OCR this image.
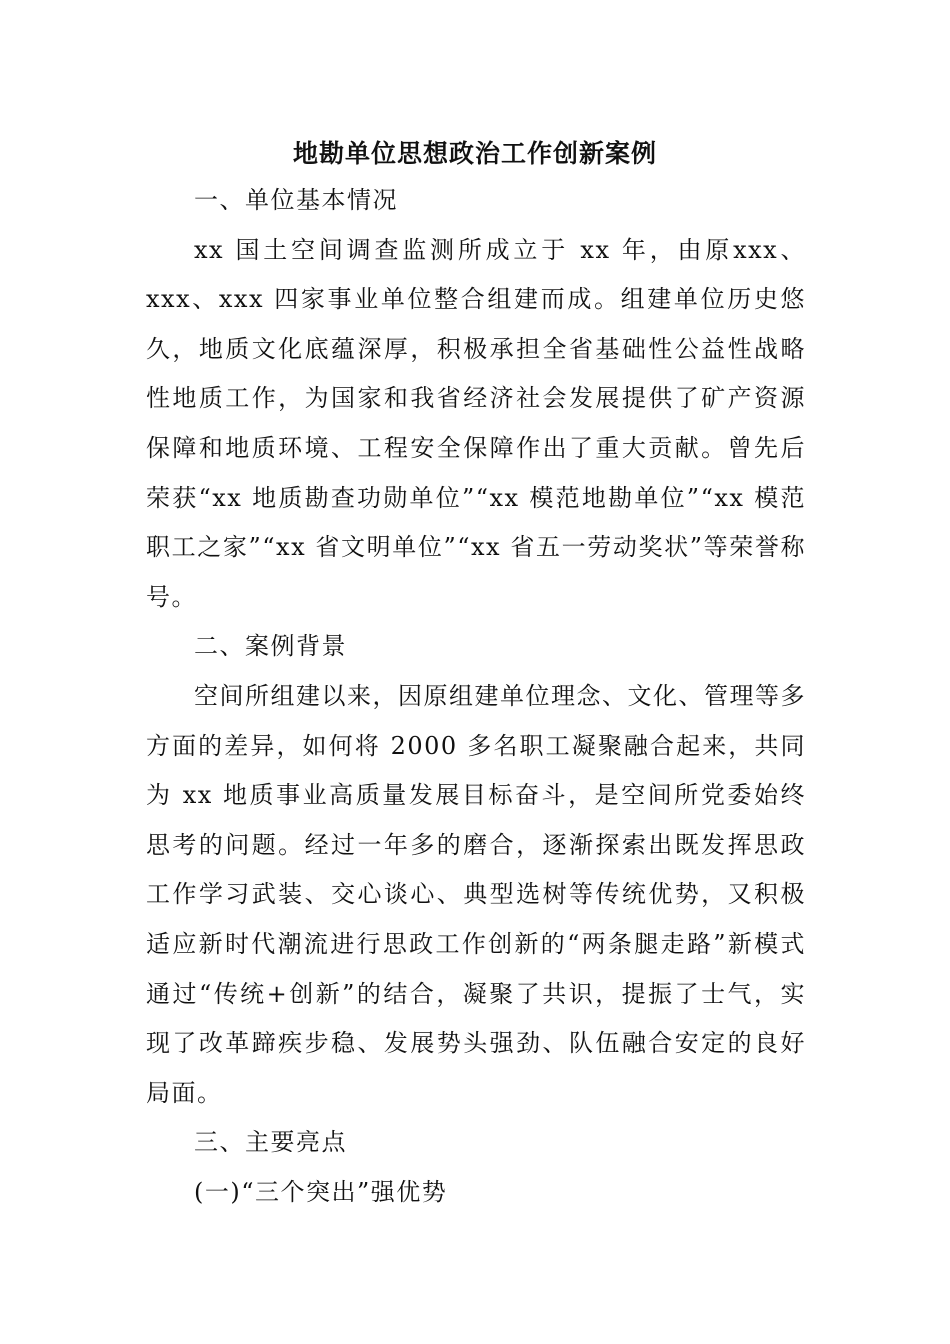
地勘单位思想政治工作创新案例

一、单位基本情况

xx 国土空间调查监测所成立于 xx 年，由原xxx、xxx、xxx 四家事业单位整合组建而成。组建单位历史悠久，地质文化底蕴深厚，积极承担全省基础性公益性战略性地质工作，为国家和我省经济社会发展提供了矿产资源保障和地质环境、工程安全保障作出了重大贡献。曾先后荣获“xx 地质勘查功勋单位”“xx 模范地勘单位”“xx 模范职工之家”“xx 省文明单位”“xx 省五一劳动奖状”等荣誉称号。

二、案例背景

空间所组建以来，因原组建单位理念、文化、管理等多方面的差异，如何将 2000 多名职工凝聚融合起来，共同为 xx 地质事业高质量发展目标奋斗，是空间所党委始终思考的问题。经过一年多的磨合，逐渐探索出既发挥思政工作学习武装、交心谈心、典型选树等传统优势，又积极适应新时代潮流进行思政工作创新的“两条腿走路”新模式通过“传统+创新”的结合，凝聚了共识，提振了士气，实现了改革蹄疾步稳、发展势头强劲、队伍融合安定的良好局面。

三、主要亮点

(一)“三个突出”强优势
